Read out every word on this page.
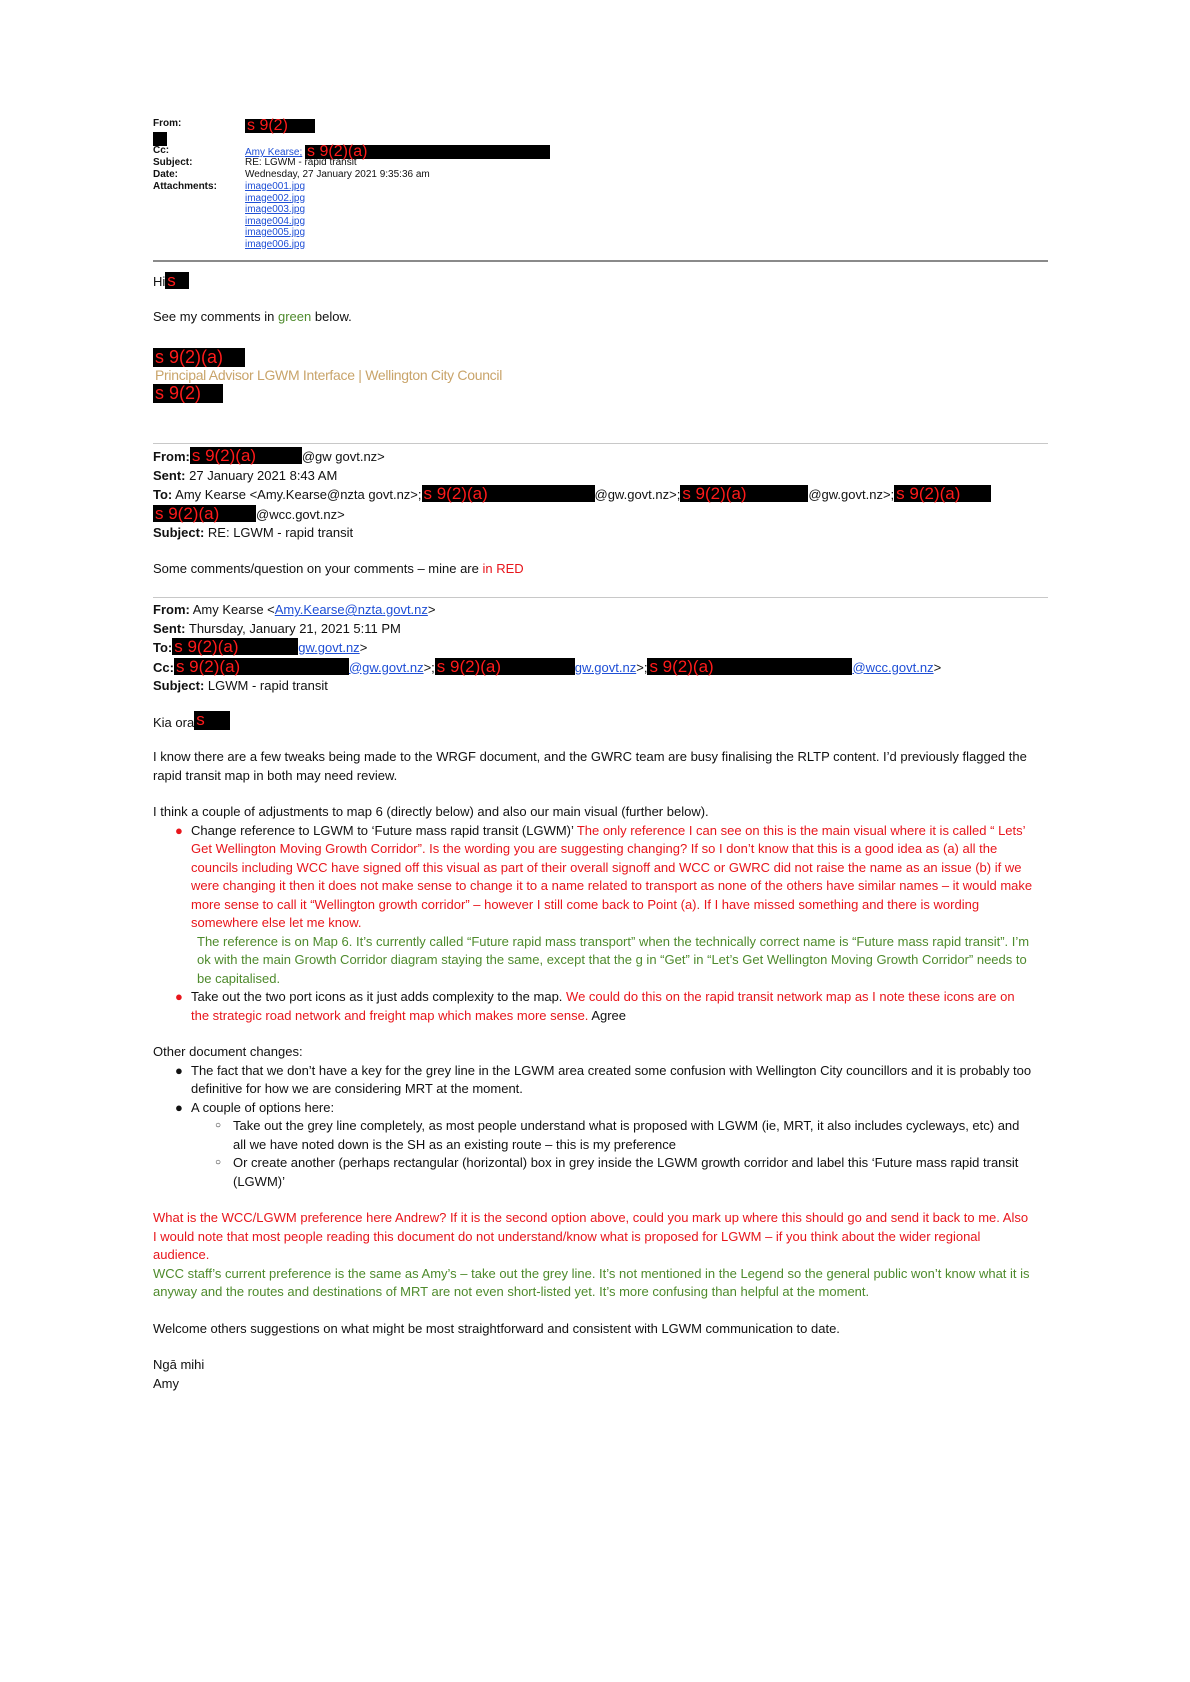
From:	s 9(2)
Cc:	Amy Kearse; s 9(2)(a)
Subject:	RE: LGWM - rapid transit
Date:	Wednesday, 27 January 2021 9:35:36 am
Attachments:	image001.jpg
image002.jpg
image003.jpg
image004.jpg
image005.jpg
image006.jpg
Hi s
See my comments in green below.
s 9(2)(a)
Principal Advisor LGWM Interface | Wellington City Council
s 9(2)
From: s 9(2)(a)	@gw govt.nz>
Sent: 27 January 2021 8:43 AM
To: Amy Kearse <Amy.Kearse@nzta govt.nz>; s 9(2)(a)	@gw.govt.nz>; s 9(2)(a)	@gw.govt.nz>; s 9(2)(a)
s 9(2)(a)	@wcc.govt.nz>
Subject: RE: LGWM - rapid transit
Some comments/question on your comments – mine are in RED
From: Amy Kearse <Amy.Kearse@nzta.govt.nz>
Sent: Thursday, January 21, 2021 5:11 PM
To: s 9(2)(a)	gw.govt.nz>
Cc: s 9(2)(a)	@gw.govt.nz>; s 9(2)(a)	gw.govt.nz>; s 9(2)(a)	@wcc.govt.nz>
Subject: LGWM - rapid transit
Kia ora s

I know there are a few tweaks being made to the WRGF document, and the GWRC team are busy finalising the RLTP content. I’d previously flagged the rapid transit map in both may need review.

I think a couple of adjustments to map 6 (directly below) and also our main visual (further below).

● Change reference to LGWM to ‘Future mass rapid transit (LGWM)’ The only reference I can see on this is the main visual where it is called “ Lets’ Get Wellington Moving Growth Corridor”. Is the wording you are suggesting changing? If so I don’t know that this is a good idea as (a) all the councils including WCC have signed off this visual as part of their overall signoff and WCC or GWRC did not raise the name as an issue (b) if we were changing it then it does not make sense to change it to a name related to transport as none of the others have similar names – it would make more sense to call it “Wellington growth corridor” – however I still come back to Point (a). If I have missed something and there is wording somewhere else let me know.
The reference is on Map 6. It’s currently called “Future rapid mass transport” when the technically correct name is “Future mass rapid transit”. I’m ok with the main Growth Corridor diagram staying the same, except that the g in “Get” in “Let’s Get Wellington Moving Growth Corridor” needs to be capitalised.
● Take out the two port icons as it just adds complexity to the map. We could do this on the rapid transit network map as I note these icons are on the strategic road network and freight map which makes more sense. Agree

Other document changes:

● The fact that we don’t have a key for the grey line in the LGWM area created some confusion with Wellington City councillors and it is probably too definitive for how we are considering MRT at the moment.
● A couple of options here:
○ Take out the grey line completely, as most people understand what is proposed with LGWM (ie, MRT, it also includes cycleways, etc) and all we have noted down is the SH as an existing route – this is my preference
○ Or create another (perhaps rectangular (horizontal) box in grey inside the LGWM growth corridor and label this ‘Future mass rapid transit (LGWM)’

What is the WCC/LGWM preference here Andrew? If it is the second option above, could you mark up where this should go and send it back to me. Also I would note that most people reading this document do not understand/know what is proposed for LGWM – if you think about the wider regional audience.

WCC staff’s current preference is the same as Amy’s – take out the grey line. It’s not mentioned in the Legend so the general public won’t know what it is anyway and the routes and destinations of MRT are not even short-listed yet. It’s more confusing than helpful at the moment.

Welcome others suggestions on what might be most straightforward and consistent with LGWM communication to date.

Ngā mihi

Amy
